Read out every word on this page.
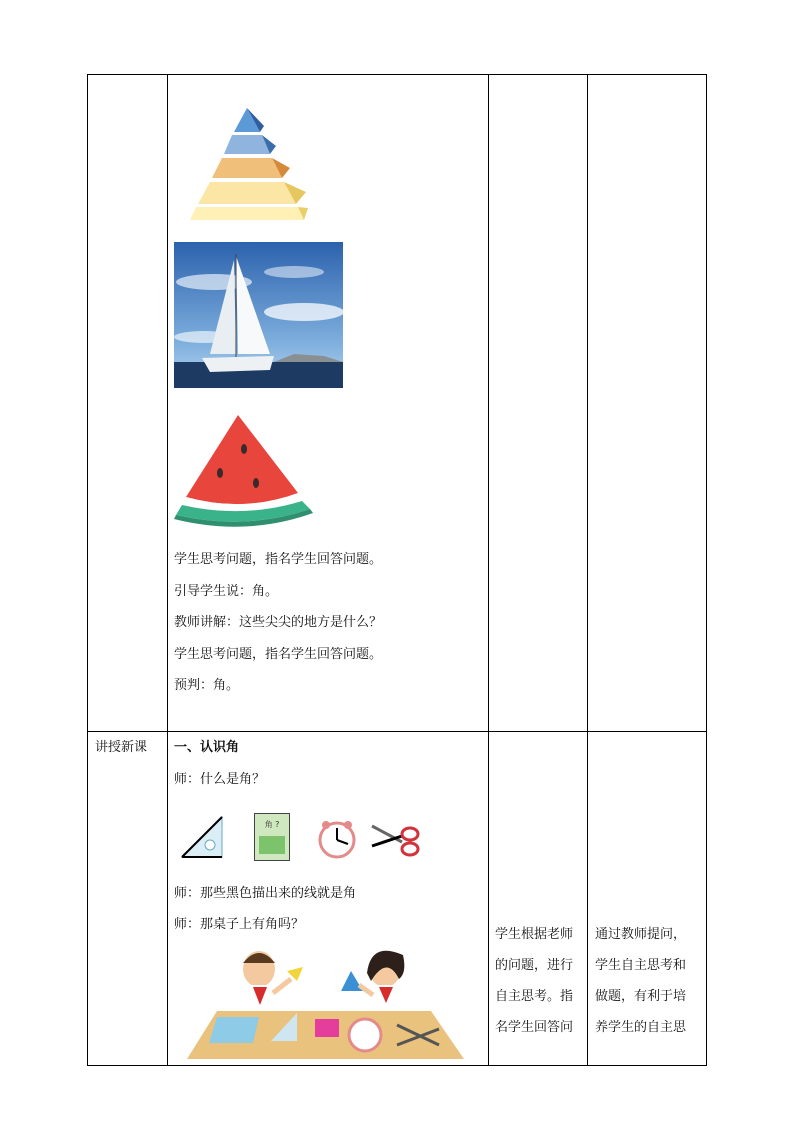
学生思考问题，指名学生回答问题。
引导学生说：角。
教师讲解：这些尖尖的地方是什么？
学生思考问题，指名学生回答问题。
预判：角。
讲授新课 一、认识角
师：什么是角？
角 ?
师：那些黑色描出来的线就是角
师：那桌子上有角吗？
学生根据老师
的问题，进行
自主思考。指
名学生回答问
通过教师提问，
学生自主思考和
做题，有利于培
养学生的自主思
